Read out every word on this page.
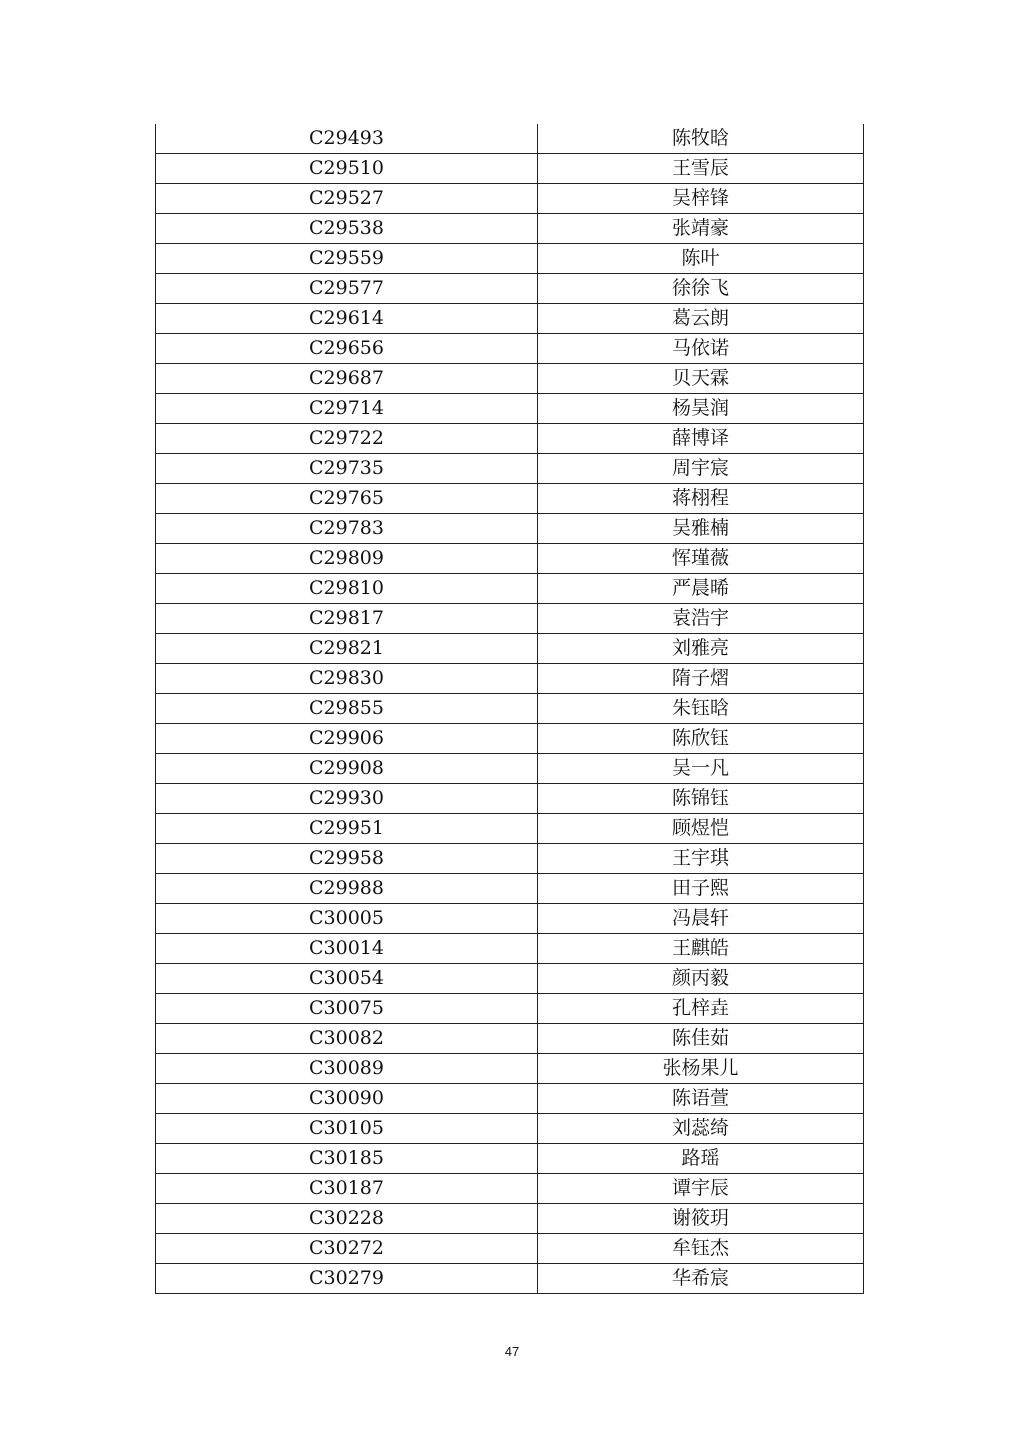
C29493	陈牧晗
C29510	王雪辰
C29527	吴梓锋
C29538	张靖豪
C29559	陈叶
C29577	徐徐飞
C29614	葛云朗
C29656	马依诺
C29687	贝天霖
C29714	杨昊润
C29722	薛博译
C29735	周宇宸
C29765	蒋栩程
C29783	吴雅楠
C29809	恽瑾薇
C29810	严晨晞
C29817	袁浩宇
C29821	刘雅亮
C29830	隋子熠
C29855	朱钰晗
C29906	陈欣钰
C29908	吴一凡
C29930	陈锦钰
C29951	顾煜恺
C29958	王宇琪
C29988	田子熙
C30005	冯晨轩
C30014	王麒皓
C30054	颜丙毅
C30075	孔梓垚
C30082	陈佳茹
C30089	张杨果儿
C30090	陈语萱
C30105	刘蕊绮
C30185	路瑶
C30187	谭宇辰
C30228	谢筱玥
C30272	牟钰杰
C30279	华希宸
47
